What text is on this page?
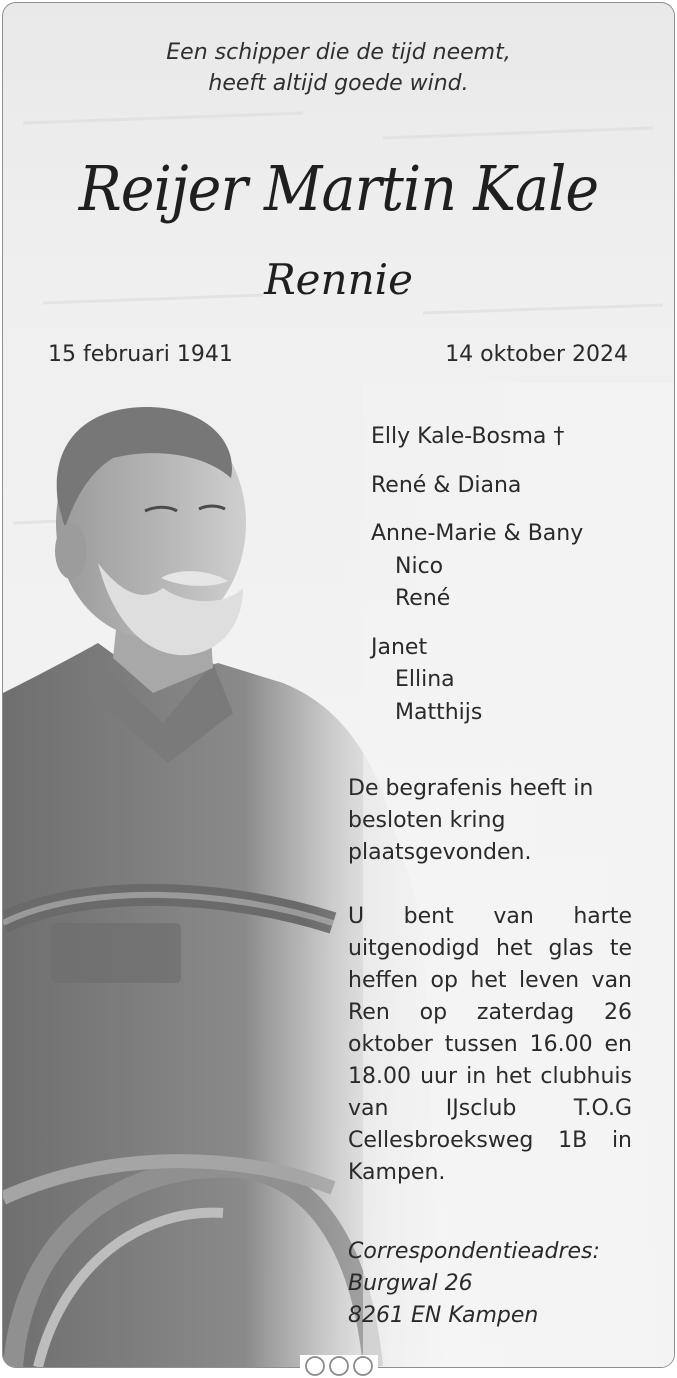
Een schipper die de tijd neemt,
heeft altijd goede wind.
Reijer Martin Kale
Rennie
15 februari 1941	14 oktober 2024
Elly Kale-Bosma †
René & Diana
Anne-Marie & Bany
Nico
René
Janet
Ellina
Matthijs
De begrafenis heeft in besloten kring plaatsgevonden.
U bent van harte uitgenodigd het glas te heffen op het leven van Ren op zaterdag 26 oktober tussen 16.00 en 18.00 uur in het clubhuis van IJsclub T.O.G Cellesbroeksweg 1B in Kampen.
Correspondentieadres:
Burgwal 26
8261 EN Kampen
